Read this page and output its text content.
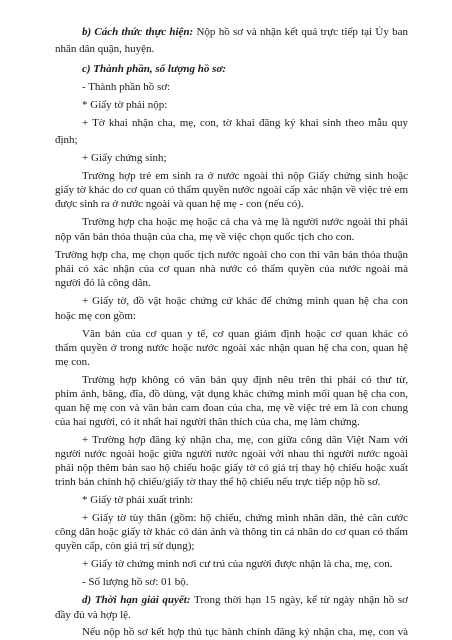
b) Cách thức thực hiện: Nộp hồ sơ và nhận kết quả trực tiếp tại Ủy ban

nhân dân quận, huyện.

c) Thành phần, số lượng hồ sơ:

- Thành phần hồ sơ:

* Giấy tờ phải nộp:

+ Tờ khai nhận cha, mẹ, con, tờ khai đăng ký khai sinh theo mẫu quy

định;

+ Giấy chứng sinh;

Trường hợp trẻ em sinh ra ở nước ngoài thì nộp Giấy chứng sinh hoặc

giấy tờ khác do cơ quan có thẩm quyền nước ngoài cấp xác nhận về việc trẻ em

được sinh ra ở nước ngoài và quan hệ mẹ - con (nếu có).

Trường hợp cha hoặc mẹ hoặc cả cha và mẹ là người nước ngoài thì phải

nộp văn bản thỏa thuận của cha, mẹ về việc chọn quốc tịch cho con.

Trường hợp cha, mẹ chọn quốc tịch nước ngoài cho con thì văn bản thỏa thuận

phải có xác nhận của cơ quan nhà nước có thẩm quyền của nước ngoài mà

người đó là công dân.

+ Giấy tờ, đồ vật hoặc chứng cứ khác để chứng minh quan hệ cha con

hoặc mẹ con gồm:

Văn bản của cơ quan y tế, cơ quan giám định hoặc cơ quan khác có

thẩm quyền ở trong nước hoặc nước ngoài xác nhận quan hệ cha con, quan hệ

mẹ con.

Trường hợp không có văn bản quy định nêu trên thì phải có thư từ,

phim ảnh, băng, đĩa, đồ dùng, vật dụng khác chứng minh mối quan hệ cha con,

quan hệ mẹ con và văn bản cam đoan của cha, mẹ về việc trẻ em là con chung

của hai người, có ít nhất hai người thân thích của cha, mẹ làm chứng.

+ Trường hợp đăng ký nhận cha, mẹ, con giữa công dân Việt Nam với

người nước ngoài hoặc giữa người nước ngoài với nhau thì người nước ngoài

phải nộp thêm bản sao hộ chiếu hoặc giấy tờ có giá trị thay hộ chiếu hoặc xuất

trình bản chính hộ chiếu/giấy tờ thay thế hộ chiếu nếu trực tiếp nộp hồ sơ.

* Giấy tờ phải xuất trình:

+ Giấy tờ tùy thân (gồm: hộ chiếu, chứng minh nhân dân, thẻ căn cước

công dân hoặc giấy tờ khác có dán ảnh và thông tin cá nhân do cơ quan có thẩm

quyền cấp, còn giá trị sử dụng);

+ Giấy tờ chứng minh nơi cư trú của người được nhận là cha, mẹ, con.

- Số lượng hồ sơ: 01 bộ.

d) Thời hạn giải quyết: Trong thời hạn 15 ngày, kể từ ngày nhận hồ sơ

đầy đủ và hợp lệ.

Nếu nộp hồ sơ kết hợp thủ tục hành chính đăng ký nhận cha, mẹ, con và
